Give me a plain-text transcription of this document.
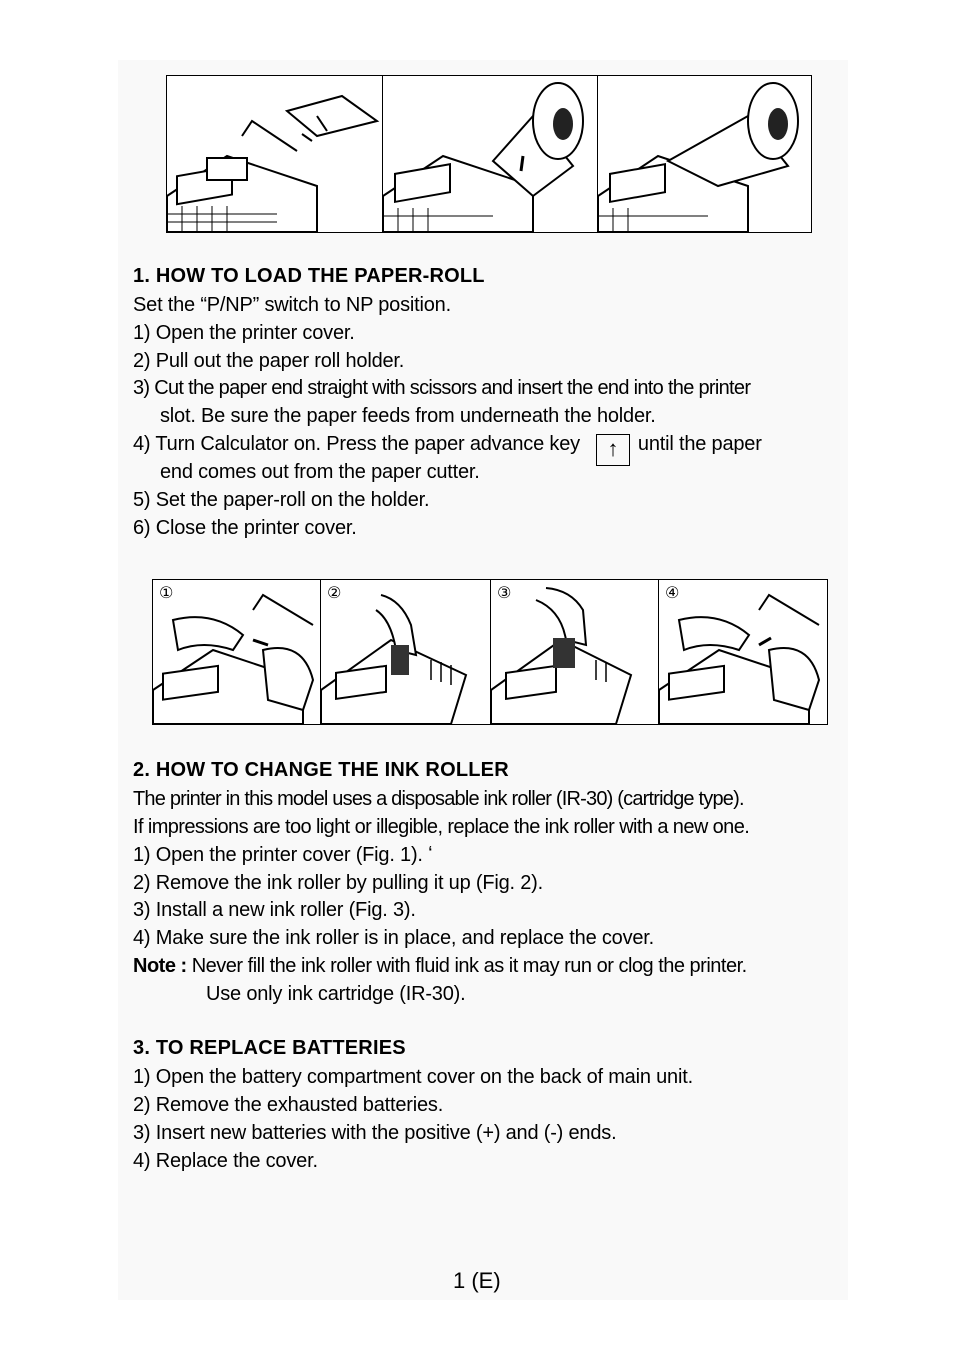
1. HOW TO LOAD THE PAPER-ROLL
Set the “P/NP” switch to NP position.
1) Open the printer cover.
2) Pull out the paper roll holder.
3) Cut the paper end straight with scissors and insert the end into the printer
slot. Be sure the paper feeds from underneath the holder.
4) Turn Calculator on. Press the paper advance key ↑ until the paper
end comes out from the paper cutter.
5) Set the paper-roll on the holder.
6) Close the printer cover.
①	②	③	④
2. HOW TO CHANGE THE INK ROLLER
The printer in this model uses a disposable ink roller (IR-30) (cartridge type).
If impressions are too light or illegible, replace the ink roller with a new one.
1) Open the printer cover (Fig. 1). ʻ
2) Remove the ink roller by pulling it up (Fig. 2).
3) Install a new ink roller (Fig. 3).
4) Make sure the ink roller is in place, and replace the cover.
Note : Never fill the ink roller with fluid ink as it may run or clog the printer.
Use only ink cartridge (IR-30).
3. TO REPLACE BATTERIES
1) Open the battery compartment cover on the back of main unit.
2) Remove the exhausted batteries.
3) Insert new batteries with the positive (+) and (-) ends.
4) Replace the cover.
1 (E)
